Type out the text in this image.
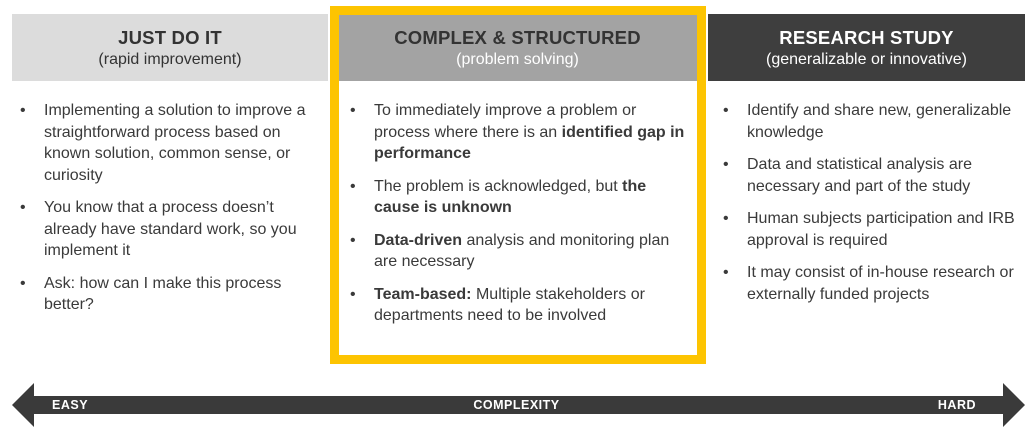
JUST DO IT
(rapid improvement)
COMPLEX & STRUCTURED
(problem solving)
RESEARCH STUDY
(generalizable or innovative)
• Implementing a solution to improve a straightforward process based on known solution, common sense, or curiosity
• You know that a process doesn’t already have standard work, so you implement it
• Ask: how can I make this process better?
• To immediately improve a problem or process where there is an identified gap in performance
• The problem is acknowledged, but the cause is unknown
• Data-driven analysis and monitoring plan are necessary
• Team-based: Multiple stakeholders or departments need to be involved
• Identify and share new, generalizable knowledge
• Data and statistical analysis are necessary and part of the study
• Human subjects participation and IRB approval is required
• It may consist of in-house research or externally funded projects
EASY	COMPLEXITY	HARD
